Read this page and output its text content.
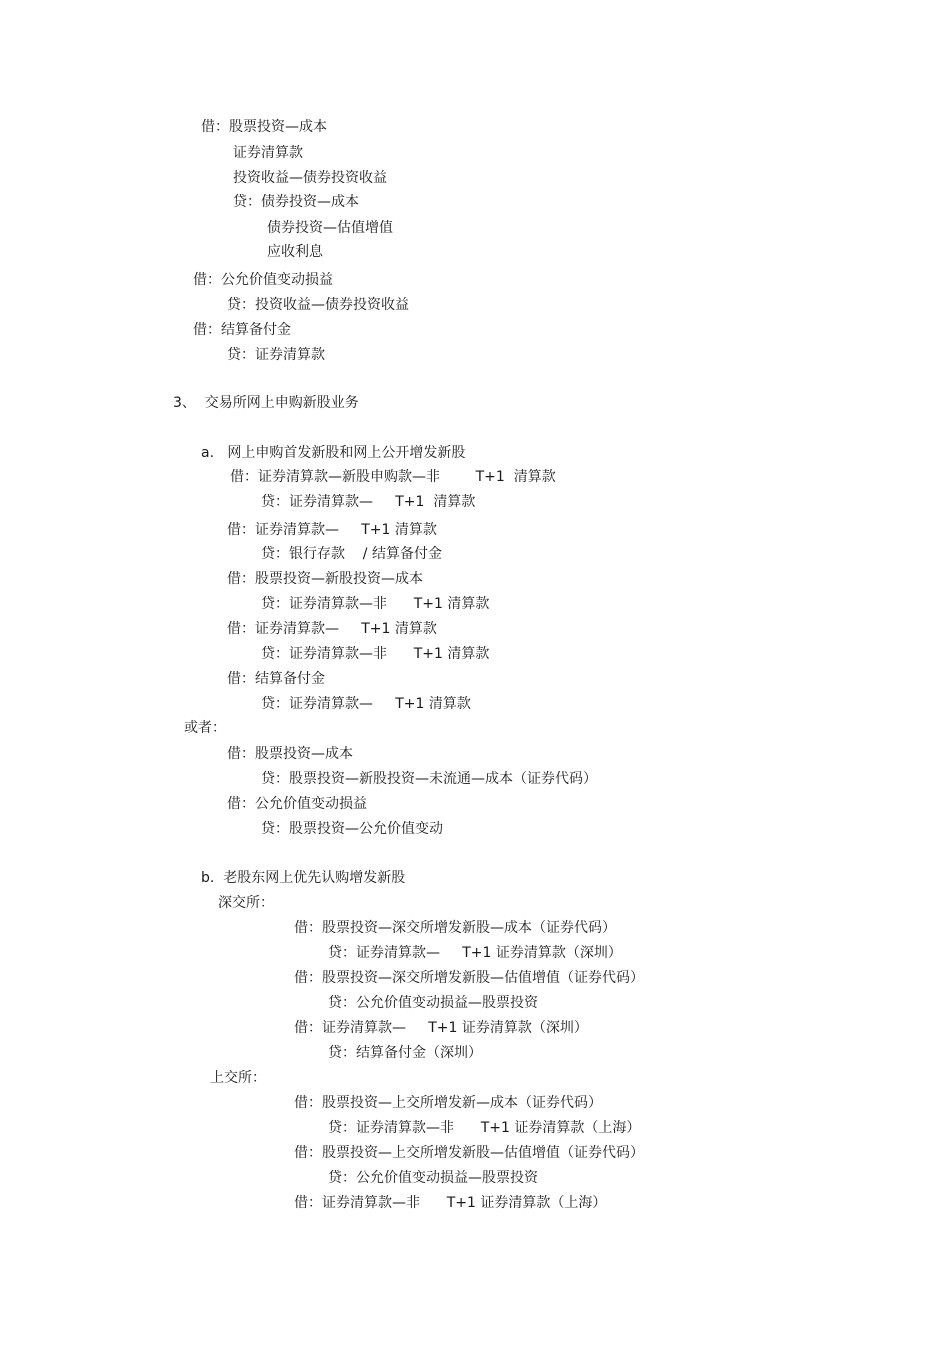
借：股票投资—成本
证券清算款
投资收益—债券投资收益
贷：债券投资—成本
债券投资—估值增值
应收利息
借：公允价值变动损益
贷：投资收益—债券投资收益
借：结算备付金
贷：证券清算款
3、  交易所网上申购新股业务
a.   网上申购首发新股和网上公开增发新股
借：证券清算款—新股申购款—非        T+1  清算款
贷：证券清算款—     T+1  清算款
借：证券清算款—     T+1 清算款
贷：银行存款    / 结算备付金
借：股票投资—新股投资—成本
贷：证券清算款—非      T+1 清算款
借：证券清算款—     T+1 清算款
贷：证券清算款—非      T+1 清算款
借：结算备付金
贷：证券清算款—     T+1 清算款
或者：
借：股票投资—成本
贷：股票投资—新股投资—未流通—成本（证券代码）
借：公允价值变动损益
贷：股票投资—公允价值变动
b.  老股东网上优先认购增发新股
深交所：
借：股票投资—深交所增发新股—成本（证券代码）
贷：证券清算款—     T+1 证券清算款（深圳）
借：股票投资—深交所增发新股—估值增值（证券代码）
贷：公允价值变动损益—股票投资
借：证券清算款—     T+1 证券清算款（深圳）
贷：结算备付金（深圳）
上交所：
借：股票投资—上交所增发新—成本（证券代码）
贷：证券清算款—非      T+1 证券清算款（上海）
借：股票投资—上交所增发新股—估值增值（证券代码）
贷：公允价值变动损益—股票投资
借：证券清算款—非      T+1 证券清算款（上海）
